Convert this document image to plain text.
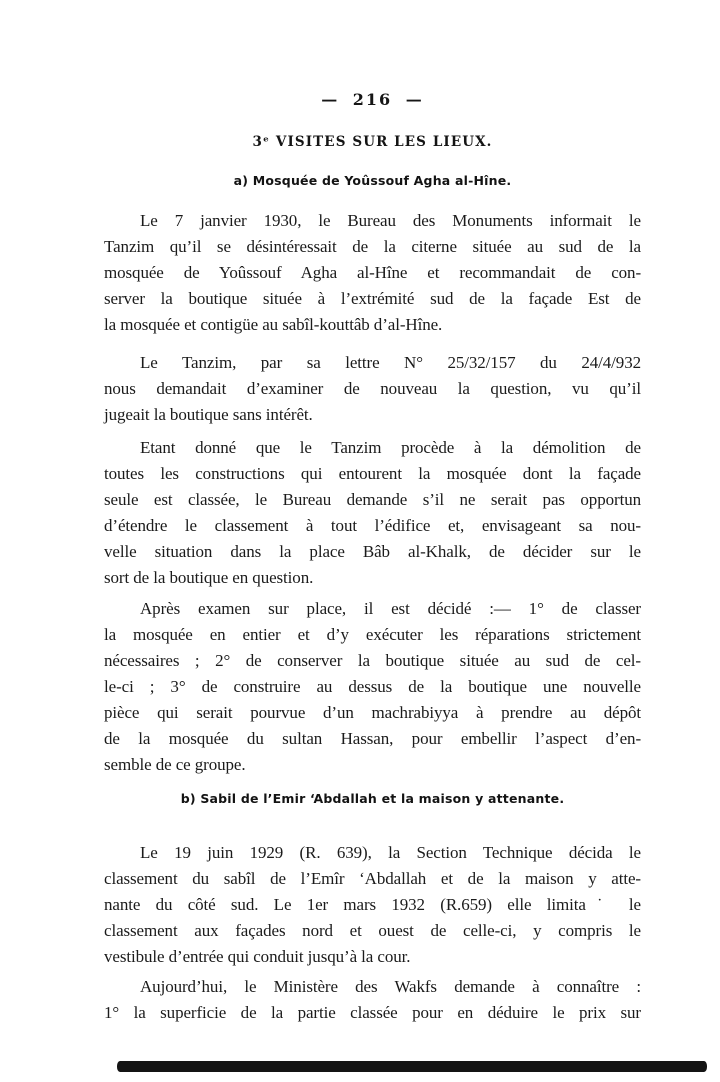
— 216 —
3ᵉ VISITES SUR LES LIEUX.
a) Mosquée de Yoûssouf Agha al-Hîne.
Le 7 janvier 1930, le Bureau des Monuments informait le
Tanzim qu’il se désintéressait de la citerne située au sud de la
mosquée de Yoûssouf Agha al-Hîne et recommandait de con-
server la boutique située à l’extrémité sud de la façade Est de
la mosquée et contigüe au sabîl-kouttâb d’al-Hîne.
Le Tanzim, par sa lettre N° 25/32/157 du 24/4/932
nous demandait d’examiner de nouveau la question, vu qu’il
jugeait la boutique sans intérêt.
Etant donné que le Tanzim procède à la démolition de
toutes les constructions qui entourent la mosquée dont la façade
seule est classée, le Bureau demande s’il ne serait pas opportun
d’étendre le classement à tout l’édifice et, envisageant sa nou-
velle situation dans la place Bâb al-Khalk, de décider sur le
sort de la boutique en question.
Après examen sur place, il est décidé :— 1° de classer
la mosquée en entier et d’y exécuter les réparations strictement
nécessaires ; 2° de conserver la boutique située au sud de cel-
le-ci ; 3° de construire au dessus de la boutique une nouvelle
pièce qui serait pourvue d’un machrabiyya à prendre au dépôt
de la mosquée du sultan Hassan, pour embellir l’aspect d’en-
semble de ce groupe.
b) Sabil de l’Emir ‘Abdallah et la maison y attenante.
Le 19 juin 1929 (R. 639), la Section Technique décida le
classement du sabîl de l’Emîr ‘Abdallah et de la maison y atte-
nante du côté sud. Le 1er mars 1932 (R.659) elle limita˙ le
classement aux façades nord et ouest de celle-ci, y compris le
vestibule d’entrée qui conduit jusqu’à la cour.
Aujourd’hui, le Ministère des Wakfs demande à connaître :
1° la superficie de la partie classée pour en déduire le prix sur
